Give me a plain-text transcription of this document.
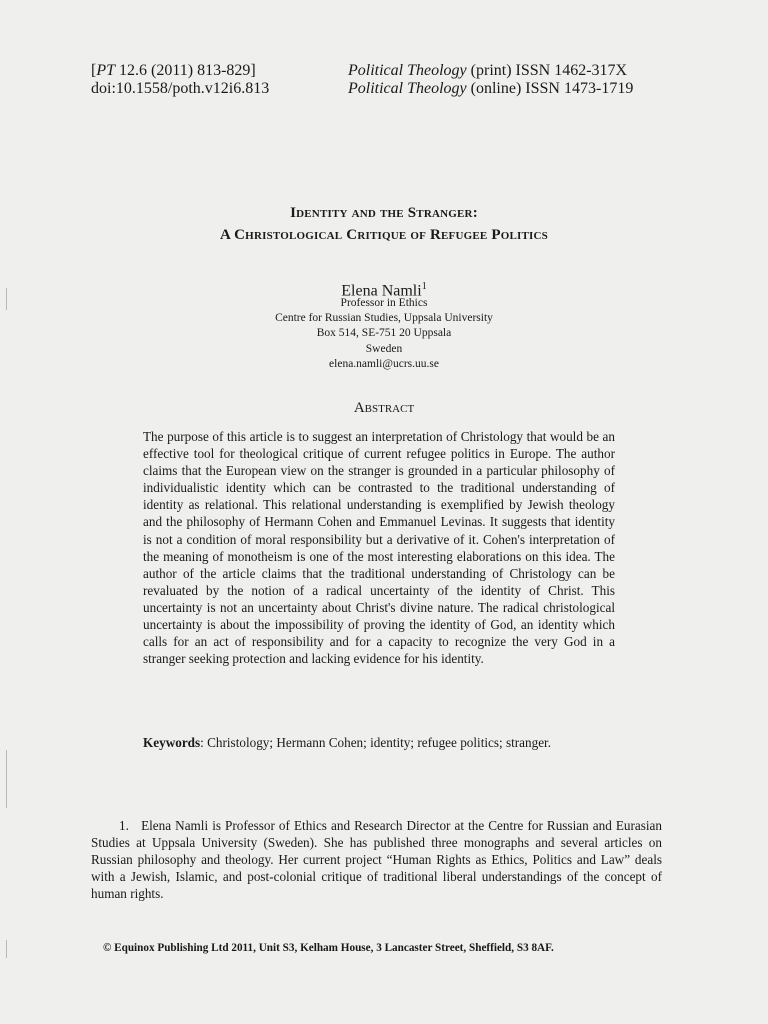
[PT 12.6 (2011) 813-829]
doi:10.1558/poth.v12i6.813
Political Theology (print) ISSN 1462-317X
Political Theology (online) ISSN 1473-1719
Identity and the Stranger:
A Christological Critique of Refugee Politics
Elena Namli$^1$
Professor in Ethics
Centre for Russian Studies, Uppsala University
Box 514, SE-751 20 Uppsala
Sweden
elena.namli@ucrs.uu.se
Abstract
The purpose of this article is to suggest an interpretation of Christology that would be an effective tool for theological critique of current refugee politics in Europe. The author claims that the European view on the stranger is grounded in a particular philosophy of individualistic identity which can be contrasted to the traditional understanding of identity as relational. This relational understanding is exemplified by Jewish theology and the philosophy of Hermann Cohen and Emmanuel Levinas. It suggests that identity is not a condition of moral responsibility but a derivative of it. Cohen's interpretation of the meaning of monotheism is one of the most interesting elaborations on this idea. The author of the article claims that the traditional understanding of Christology can be revaluated by the notion of a radical uncertainty of the identity of Christ. This uncertainty is not an uncertainty about Christ's divine nature. The radical christological uncertainty is about the impossibility of proving the identity of God, an identity which calls for an act of responsibility and for a capacity to recognize the very God in a stranger seeking protection and lacking evidence for his identity.
Keywords: Christology; Hermann Cohen; identity; refugee politics; stranger.
1.   Elena Namli is Professor of Ethics and Research Director at the Centre for Russian and Eurasian Studies at Uppsala University (Sweden). She has published three monographs and several articles on Russian philosophy and theology. Her current project “Human Rights as Ethics, Politics and Law” deals with a Jewish, Islamic, and post-colonial critique of traditional liberal understandings of the concept of human rights.
© Equinox Publishing Ltd 2011, Unit S3, Kelham House, 3 Lancaster Street, Sheffield, S3 8AF.
